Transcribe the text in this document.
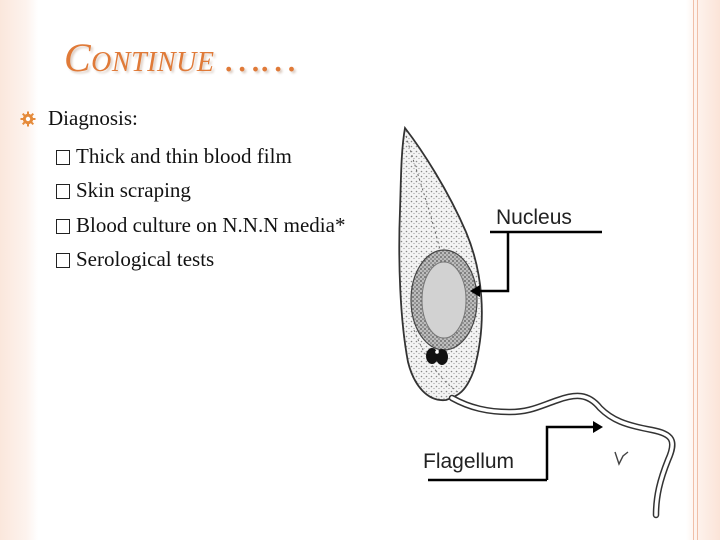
Continue ……
Diagnosis:
Thick and thin blood film
Skin scraping
Blood culture on N.N.N media*
Serological tests
Nucleus
Flagellum
